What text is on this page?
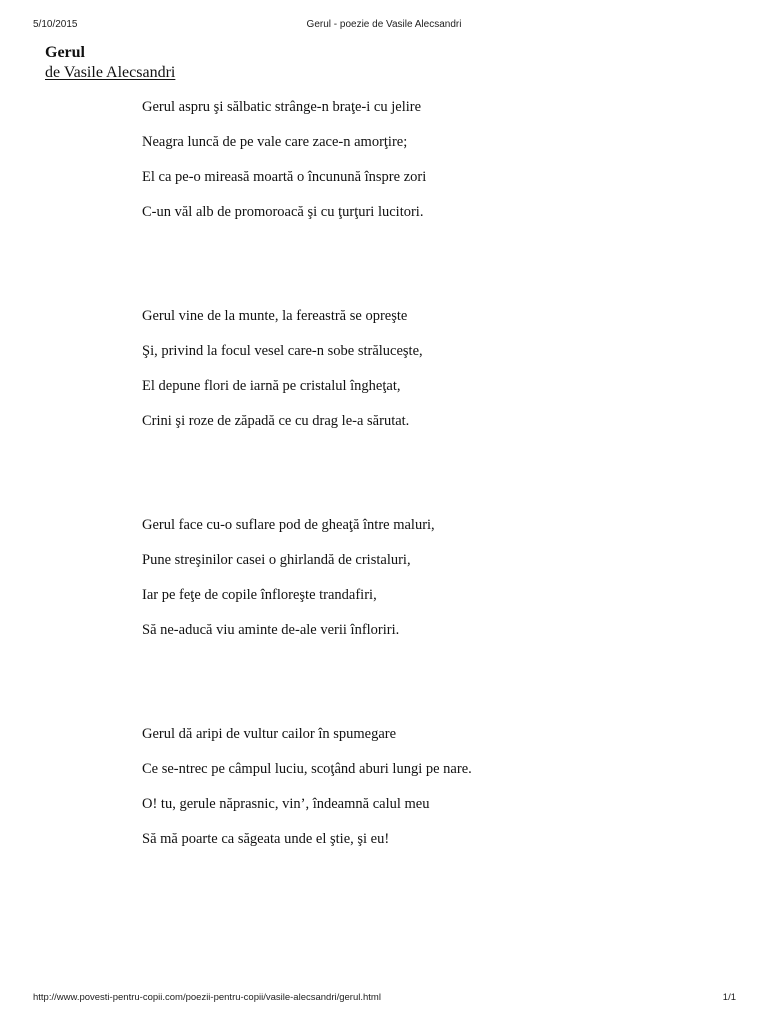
5/10/2015	Gerul - poezie de Vasile Alecsandri
Gerul
de Vasile Alecsandri
Gerul aspru şi sălbatic strânge-n braţe-i cu jelire
Neagra luncă de pe vale care zace-n amorţire;
El ca pe-o mireasă moartă o încunună înspre zori
C-un văl alb de promoroacă şi cu ţurţuri lucitori.
Gerul vine de la munte, la fereastră se opreşte
Şi, privind la focul vesel care-n sobe străluceşte,
El depune flori de iarnă pe cristalul îngheţat,
Crini şi roze de zăpadă ce cu drag le-a sărutat.
Gerul face cu-o suflare pod de gheaţă între maluri,
Pune streşinilor casei o ghirlandă de cristaluri,
Iar pe feţe de copile înfloreşte trandafiri,
Să ne-aducă viu aminte de-ale verii înfloriri.
Gerul dă aripi de vultur cailor în spumegare
Ce se-ntrec pe câmpul luciu, scoţând aburi lungi pe nare.
O! tu, gerule năprasnic, vin’, îndeamnă calul meu
Să mă poarte ca săgeata unde el ştie, şi eu!
http://www.povesti-pentru-copii.com/poezii-pentru-copii/vasile-alecsandri/gerul.html	1/1
